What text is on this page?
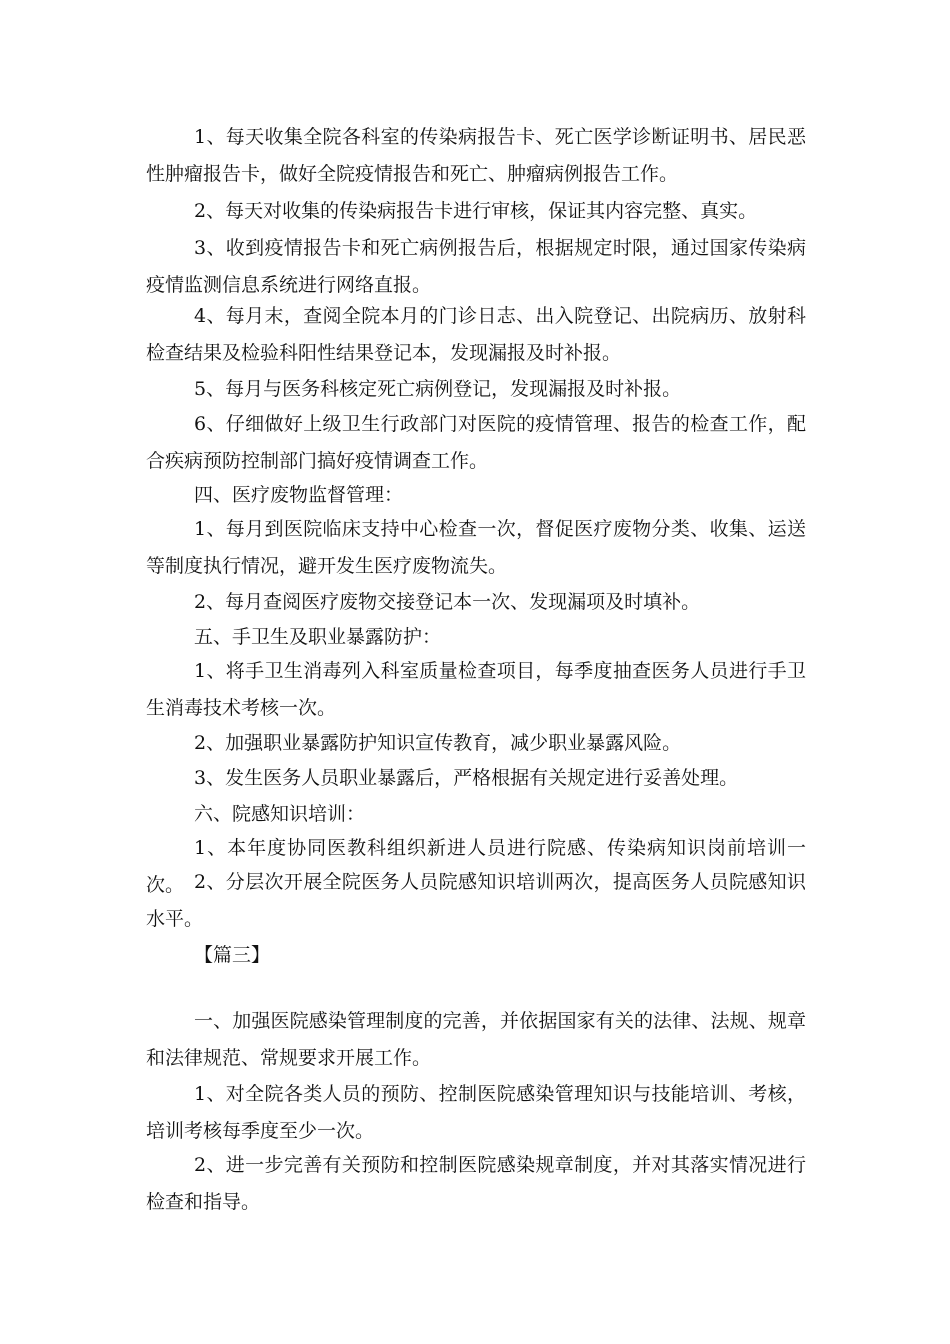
1、每天收集全院各科室的传染病报告卡、死亡医学诊断证明书、居民恶性肿瘤报告卡，做好全院疫情报告和死亡、肿瘤病例报告工作。

2、每天对收集的传染病报告卡进行审核，保证其内容完整、真实。

3、收到疫情报告卡和死亡病例报告后，根据规定时限，通过国家传染病疫情监测信息系统进行网络直报。

4、每月末，查阅全院本月的门诊日志、出入院登记、出院病历、放射科检查结果及检验科阳性结果登记本，发现漏报及时补报。

5、每月与医务科核定死亡病例登记，发现漏报及时补报。

6、仔细做好上级卫生行政部门对医院的疫情管理、报告的检查工作，配合疾病预防控制部门搞好疫情调查工作。

四、医疗废物监督管理：

1、每月到医院临床支持中心检查一次，督促医疗废物分类、收集、运送等制度执行情况，避开发生医疗废物流失。

2、每月查阅医疗废物交接登记本一次、发现漏项及时填补。

五、手卫生及职业暴露防护：

1、将手卫生消毒列入科室质量检查项目，每季度抽查医务人员进行手卫生消毒技术考核一次。

2、加强职业暴露防护知识宣传教育，减少职业暴露风险。

3、发生医务人员职业暴露后，严格根据有关规定进行妥善处理。

六、院感知识培训：

1、本年度协同医教科组织新进人员进行院感、传染病知识岗前培训一次。 2、分层次开展全院医务人员院感知识培训两次，提高医务人员院感知识水平。

【篇三】

一、加强医院感染管理制度的完善，并依据国家有关的法律、法规、规章和法律规范、常规要求开展工作。

1、对全院各类人员的预防、控制医院感染管理知识与技能培训、考核，培训考核每季度至少一次。

2、进一步完善有关预防和控制医院感染规章制度，并对其落实情况进行检查和指导。
